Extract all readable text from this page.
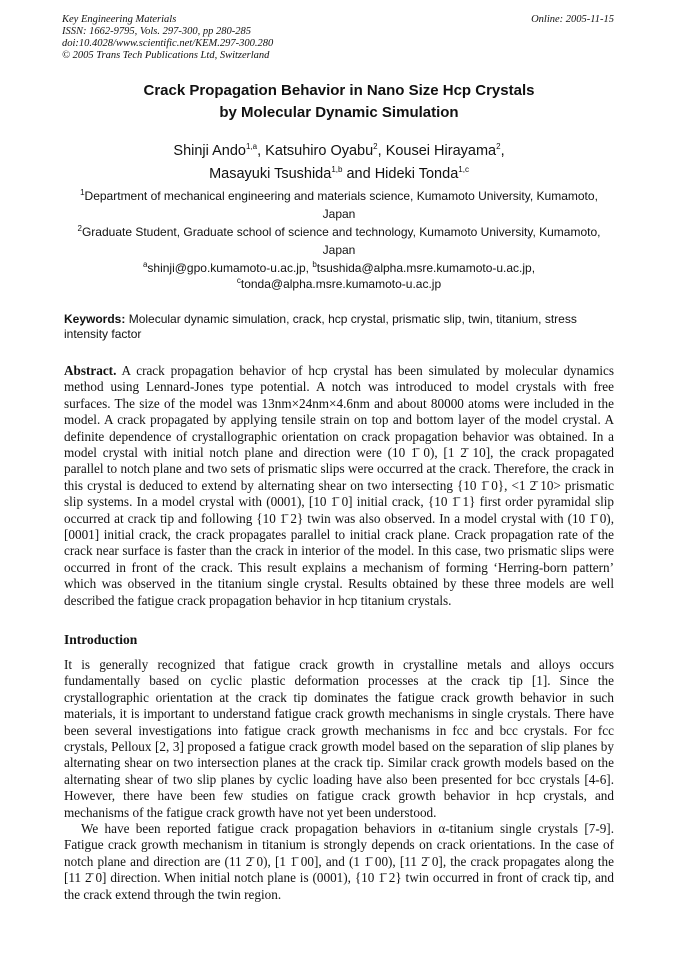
Key Engineering Materials
ISSN: 1662-9795, Vols. 297-300, pp 280-285
doi:10.4028/www.scientific.net/KEM.297-300.280
© 2005 Trans Tech Publications Ltd, Switzerland
Online: 2005-11-15
Crack Propagation Behavior in Nano Size Hcp Crystals
by Molecular Dynamic Simulation
Shinji Ando$^{1,a}$, Katsuhiro Oyabu$^2$, Kousei Hirayama$^2$,
Masayuki Tsushida$^{1,b}$ and Hideki Tonda$^{1,c}$
$^1$Department of mechanical engineering and materials science, Kumamoto University, Kumamoto, Japan
$^2$Graduate Student, Graduate school of science and technology, Kumamoto University, Kumamoto, Japan
$^a$shinji@gpo.kumamoto-u.ac.jp, $^b$tsushida@alpha.msre.kumamoto-u.ac.jp,
$^c$tonda@alpha.msre.kumamoto-u.ac.jp
Keywords: Molecular dynamic simulation, crack, hcp crystal, prismatic slip, twin, titanium, stress intensity factor
Abstract. A crack propagation behavior of hcp crystal has been simulated by molecular dynamics method using Lennard-Jones type potential. A notch was introduced to model crystals with free surfaces. The size of the model was 13nm×24nm×4.6nm and about 80000 atoms were included in the model. A crack propagated by applying tensile strain on top and bottom layer of the model crystal. A definite dependence of crystallographic orientation on crack propagation behavior was obtained. In a model crystal with initial notch plane and direction were (10 1̄ 0), [1 2̄ 10], the crack propagated parallel to notch plane and two sets of prismatic slips were occurred at the crack. Therefore, the crack in this crystal is deduced to extend by alternating shear on two intersecting {10 1̄ 0}, <1 2̄ 10> prismatic slip systems. In a model crystal with (0001), [10 1̄ 0] initial crack, {10 1̄ 1} first order pyramidal slip occurred at crack tip and following {10 1̄ 2} twin was also observed. In a model crystal with (10 1̄ 0), [0001] initial crack, the crack propagates parallel to initial crack plane. Crack propagation rate of the crack near surface is faster than the crack in interior of the model. In this case, two prismatic slips were occurred in front of the crack. This result explains a mechanism of forming ‘Herring-born pattern’ which was observed in the titanium single crystal. Results obtained by these three models are well described the fatigue crack propagation behavior in hcp titanium crystals.
Introduction

It is generally recognized that fatigue crack growth in crystalline metals and alloys occurs fundamentally based on cyclic plastic deformation processes at the crack tip [1]. Since the crystallographic orientation at the crack tip dominates the fatigue crack growth behavior in such materials, it is important to understand fatigue crack growth mechanisms in single crystals. There have been several investigations into fatigue crack growth mechanisms in fcc and bcc crystals. For fcc crystals, Pelloux [2, 3] proposed a fatigue crack growth model based on the separation of slip planes by alternating shear on two intersection planes at the crack tip. Similar crack growth models based on the alternating shear of two slip planes by cyclic loading have also been presented for bcc crystals [4-6]. However, there have been few studies on fatigue crack growth behavior in hcp crystals, and mechanisms of the fatigue crack growth have not yet been understood.

We have been reported fatigue crack propagation behaviors in α-titanium single crystals [7-9]. Fatigue crack growth mechanism in titanium is strongly depends on crack orientations. In the case of notch plane and direction are (11 2̄ 0), [1 1̄ 00], and (1 1̄ 00), [11 2̄ 0], the crack propagates along the [11 2̄ 0] direction. When initial notch plane is (0001), {10 1̄ 2} twin occurred in front of crack tip, and the crack extend through the twin region.
